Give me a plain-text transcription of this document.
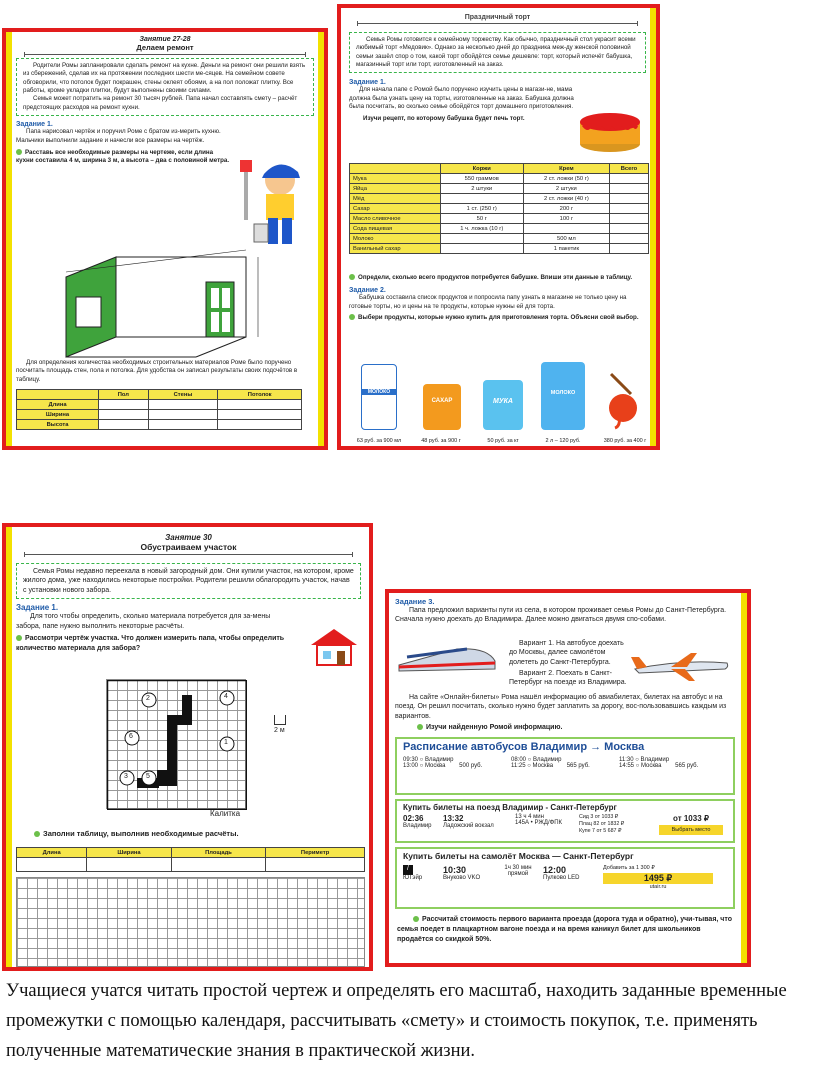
Занятие 27-28
Делаем ремонт
Родители Ромы запланировали сделать ремонт на кухне. Деньги на ремонт они решили взять из сбережений, сделав их на протяжении последних шести ме-сяцев. На семейном совете обговорили, что потолок будет покрашен, стены оклеят обоями, а на пол положат плитку. Все работы, кроме укладки плитки, будут выполнены своими силами.
Семья может потратить на ремонт 30 тысяч рублей. Папа начал составлять смету – расчёт предстоящих расходов на ремонт кухни.
Задание 1.
Папа нарисовал чертёж и поручил Роме с братом из-мерить кухню. Мальчики выполнили задание и начесли все размеры на чертёж.
Расставь все необходимые размеры на чертеже, если длина кухни составила 4 м, ширина 3 м, а высота – два с половиной метра.
Для определения количества необходимых строительных материалов Роме было поручено посчитать площадь стен, пола и потолка. Для удобства он записал результаты своих подсчётов в таблицу.
	Пол	Стены	Потолок
Длина			
Ширина			
Высота			
Праздничный торт
Семья Ромы готовится к семейному торжеству. Как обычно, праздничный стол украсит всеми любимый торт «Медовик». Однако за несколько дней до праздника меж-ду женской половиной семьи зашёл спор о том, какой торт обойдётся семье дешевле: торт, который испечёт бабушка, магазинный торт или торт, изготовленный на заказ.
Задание 1.
Для начала папе с Ромой было поручено изучить цены в магази-не, мама должна была узнать цену на торты, изготовленные на заказ. Бабушка должна была посчитать, во сколько семье обойдётся торт домашнего приготовления.
Изучи рецепт, по которому бабушка будет печь торт.
	Коржи	Крем	Всего
Мука	550 граммов	2 ст. ложки (50 г)	
Яйца	2 штуки	2 штуки	
Мёд		2 ст. ложки (40 г)	
Сахар	1 ст. (250 г)	200 г	
Масло сливочное	50 г	100 г	
Сода пищевая	1 ч. ложка (10 г)		
Молоко		500 мл	
Ванильный сахар		1 пакетик	
Определи, сколько всего продуктов потребуется бабушке. Впиши эти данные в таблицу.
Задание 2.
Бабушка составила список продуктов и попросила папу узнать в магазине не только цену на готовые торты, но и цены на те продукты, которые нужны ей для торта.
Выбери продукты, которые нужно купить для приготовления торта. Объясни свой выбор.
МОЛОКО
63 руб. за 900 мл
САХАР
48 руб. за 900 г
МУКА
50 руб. за кг
МОЛОКО
2 л – 120 руб.	380 руб. за 400 г
Занятие 30
Обустраиваем участок
Семья Ромы недавно переехала в новый загородный дом. Они купили участок, на котором, кроме жилого дома, уже находились некоторые постройки. Родители решили облагородить участок, начав с установки нового забора.
Задание 1.
Для того чтобы определить, сколько материала потребуется для за-мены забора, папе нужно выполнить некоторые расчёты.
Рассмотри чертёж участка. Что должен измерить папа, чтобы определить количество материала для забора?
2	4
6
1
3	5
2 м
Калитка
Заполни таблицу, выполнив необходимые расчёты.
Длина	Ширина	Площадь	Периметр

Задание 3.
Папа предложил варианты пути из села, в котором проживает семья Ромы до Санкт-Петербурга. Сначала нужно доехать до Владимира. Далее можно двигаться двумя спо-собами.
Вариант 1. На автобусе доехать до Москвы, далее самолётом долететь до Санкт-Петербурга.
Вариант 2. Поехать в Санкт-Петербург на поезде из Владимира.
На сайте «Онлайн-билеты» Рома нашёл информацию об авиабилетах, билетах на автобус и на поезд. Он решил посчитать, сколько нужно будет заплатить за дорогу, вос-пользовавшись каждым из вариантов.
Изучи найденную Ромой информацию.
Расписание автобусов Владимир → Москва
09:30 ○ Владимир
13:00 ○ Москва 500 руб.
08:00 ○ Владимир
11:25 ○ Москва 565 руб.
11:30 ○ Владимир
14:55 ○ Москва 565 руб.
Купить билеты на поезд Владимир - Санкт-Петербург
02:36
Владимир
13:32
Ладожский вокзал
13 ч 4 мин
145А • РЖД/ФПК
Сид 3 от 1033 ₽
Плац 82 от 1832 ₽
Купе 7 от 5 687 ₽
от 1033 ₽
Выбрать место
Купить билеты на самолёт Москва — Санкт-Петербург
/
ЮТэйр
10:30
Внуково VKO
1ч 30 мин
прямой	12:00
Пулково LED
Добавить за 1 300 ₽
1495 ₽
utair.ru
Рассчитай стоимость первого варианта проезда (дорога туда и обратно), учи-тывая, что семья поедет в плацкартном вагоне поезда и на время каникул билет для школьников продаётся со скидкой 50%.
Учащиеся учатся читать простой чертеж и определять его масштаб, находить заданные временные промежутки с помощью календаря, рассчитывать «смету» и стоимость покупок, т.е. применять полученные математические знания в практической жизни.
